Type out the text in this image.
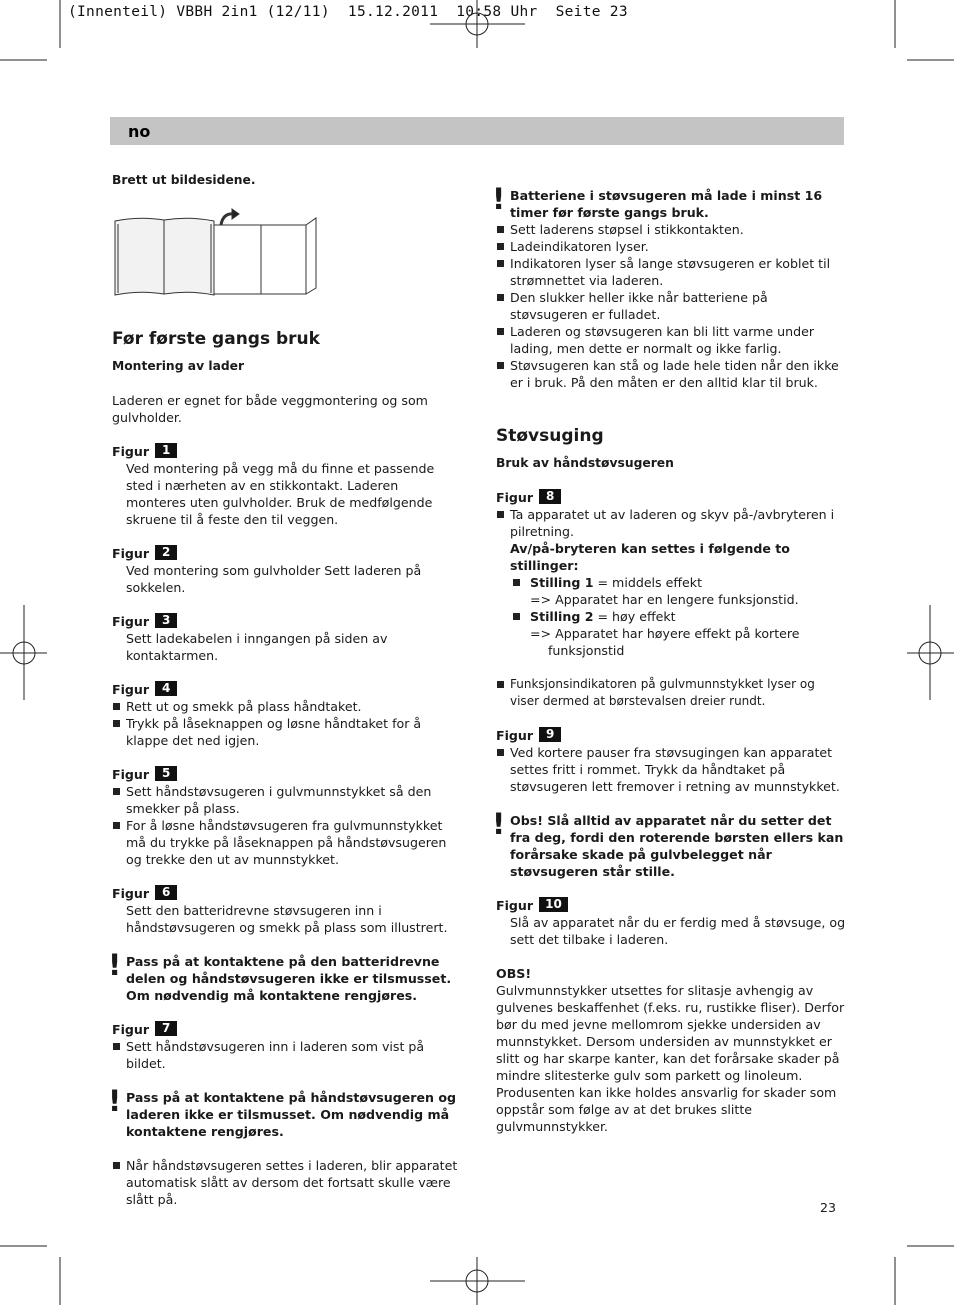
(Innenteil) VBBH 2in1 (12/11)  15.12.2011  10:58 Uhr  Seite 23
no
Brett ut bildesidene.
Før første gangs bruk
Montering av lader
Laderen er egnet for både veggmontering og som gulvholder.
Figur 1
Ved montering på vegg må du finne et passende sted i nærheten av en stikkontakt. Laderen monteres uten gulvholder. Bruk de medfølgende skruene til å feste den til veggen.
Figur 2
Ved montering som gulvholder Sett laderen på sokkelen.
Figur 3
Sett ladekabelen i inngangen på siden av kontaktarmen.
Figur 4
Rett ut og smekk på plass håndtaket.
Trykk på låseknappen og løsne håndtaket for å klappe det ned igjen.
Figur 5
Sett håndstøvsugeren i gulvmunnstykket så den smekker på plass.
For å løsne håndstøvsugeren fra gulvmunnstykket må du trykke på låseknappen på håndstøvsugeren og trekke den ut av munnstykket.
Figur 6
Sett den batteridrevne støvsugeren inn i håndstøvsugeren og smekk på plass som illustrert.
! Pass på at kontaktene på den batteridrevne delen og håndstøvsugeren ikke er tilsmusset. Om nødvendig må kontaktene rengjøres.
Figur 7
Sett håndstøvsugeren inn i laderen som vist på bildet.
! Pass på at kontaktene på håndstøvsugeren og laderen ikke er tilsmusset. Om nødvendig må kontaktene rengjøres.
Når håndstøvsugeren settes i laderen, blir apparatet automatisk slått av dersom det fortsatt skulle være slått på.
! Batteriene i støvsugeren må lade i minst 16 timer før første gangs bruk.
Sett laderens støpsel i stikkontakten.
Ladeindikatoren lyser.
Indikatoren lyser så lange støvsugeren er koblet til strømnettet via laderen.
Den slukker heller ikke når batteriene på støvsugeren er fulladet.
Laderen og støvsugeren kan bli litt varme under lading, men dette er normalt og ikke farlig.
Støvsugeren kan stå og lade hele tiden når den ikke er i bruk. På den måten er den alltid klar til bruk.
Støvsuging
Bruk av håndstøvsugeren
Figur 8
Ta apparatet ut av laderen og skyv på-/avbryteren i pilretning.
Av/på-bryteren kan settes i følgende to stillinger:
Stilling 1 = middels effekt
=> Apparatet har en lengere funksjonstid.
Stilling 2 = høy effekt
=> Apparatet har høyere effekt på kortere funksjonstid
Funksjonsindikatoren på gulvmunnstykket lyser og viser dermed at børstevalsen dreier rundt.
Figur 9
Ved kortere pauser fra støvsugingen kan apparatet settes fritt i rommet. Trykk da håndtaket på støvsugeren lett fremover i retning av munnstykket.
! Obs! Slå alltid av apparatet når du setter det fra deg, fordi den roterende børsten ellers kan forårsake skade på gulvbelegget når støvsugeren står stille.
Figur 10
Slå av apparatet når du er ferdig med å støvsuge, og sett det tilbake i laderen.
OBS!
Gulvmunnstykker utsettes for slitasje avhengig av gulvenes beskaffenhet (f.eks. ru, rustikke fliser). Derfor bør du med jevne mellomrom sjekke undersiden av munnstykket. Dersom undersiden av munnstykket er slitt og har skarpe kanter, kan det forårsake skader på mindre slitesterke gulv som parkett og linoleum. Produsenten kan ikke holdes ansvarlig for skader som oppstår som følge av at det brukes slitte gulvmunnstykker.
23
